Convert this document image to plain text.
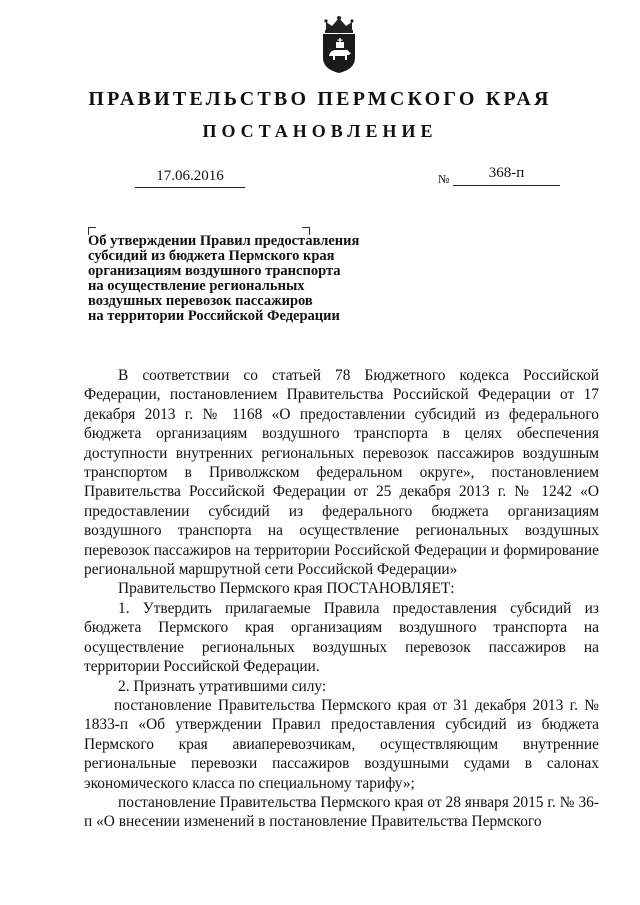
ПРАВИТЕЛЬСТВО ПЕРМСКОГО КРАЯ
ПОСТАНОВЛЕНИЕ
17.06.2016	№	368-п
Об утверждении Правил предоставления
субсидий из бюджета Пермского края
организациям воздушного транспорта
на осуществление региональных
воздушных перевозок пассажиров
на территории Российской Федерации

В соответствии со статьей 78 Бюджетного кодекса Российской Федерации, постановлением Правительства Российской Федерации от 17 декабря 2013 г. № 1168 «О предоставлении субсидий из федерального бюджета организациям воздушного транспорта в целях обеспечения доступности внутренних региональных перевозок пассажиров воздушным транспортом в Приволжском федеральном округе», постановлением Правительства Российской Федерации от 25 декабря 2013 г. № 1242 «О предоставлении субсидий из федерального бюджета организациям воздушного транспорта на осуществление региональных воздушных перевозок пассажиров на территории Российской Федерации и формирование региональной маршрутной сети Российской Федерации»

Правительство Пермского края ПОСТАНОВЛЯЕТ:

1. Утвердить прилагаемые Правила предоставления субсидий из бюджета Пермского края организациям воздушного транспорта на осуществление региональных воздушных перевозок пассажиров на территории Российской Федерации.

2. Признать утратившими силу:

постановление Правительства Пермского края от 31 декабря 2013 г. № 1833-п «Об утверждении Правил предоставления субсидий из бюджета Пермского края авиаперевозчикам, осуществляющим внутренние региональные перевозки пассажиров воздушными судами в салонах экономического класса по специальному тарифу»;

постановление Правительства Пермского края от 28 января 2015 г. № 36-п «О внесении изменений в постановление Правительства Пермского
